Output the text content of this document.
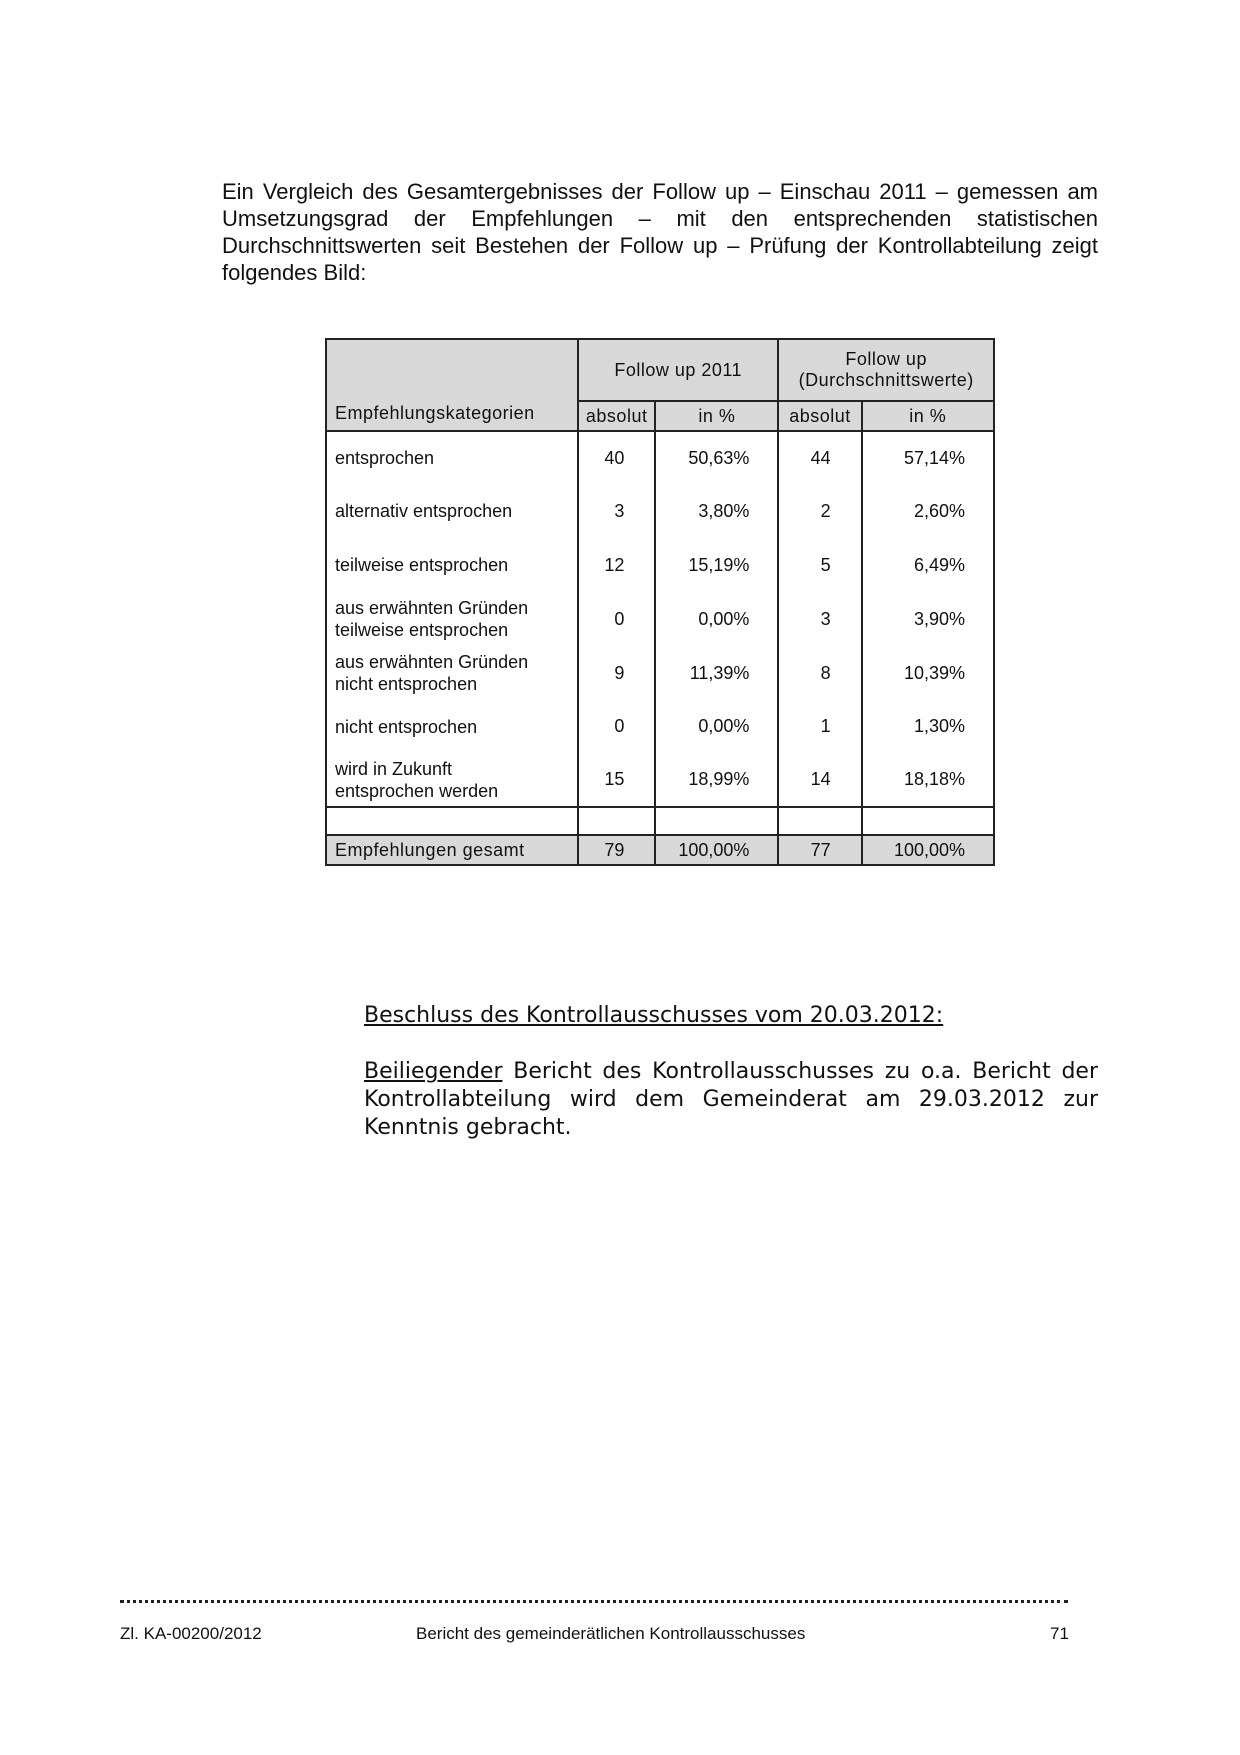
Ein Vergleich des Gesamtergebnisses der Follow up – Einschau 2011 – gemessen am Umsetzungsgrad der Empfehlungen – mit den entsprechenden statistischen Durchschnittswerten seit Bestehen der Follow up – Prüfung der Kontrollabteilung zeigt folgendes Bild:

Empfehlungskategorien	Follow up 2011		Follow up
(Durchschnittswerte)	

	absolut	in %	absolut	in %

entsprochen	40	50,63%	44	57,14%

alternativ entsprochen	3	3,80%	2	2,60%

teilweise entsprochen	12	15,19%	5	6,49%

aus erwähnten Gründen
teilweise entsprochen	0	0,00%	3	3,90%

aus erwähnten Gründen
nicht entsprochen	9	11,39%	8	10,39%

nicht entsprochen	0	0,00%	1	1,30%

wird in Zukunft
entsprochen werden	15	18,99%	14	18,18%

Empfehlungen gesamt	79	100,00%	77	100,00%
Beschluss des Kontrollausschusses vom 20.03.2012:

Beiliegender Bericht des Kontrollausschusses zu o.a. Bericht der Kontrollabteilung wird dem Gemeinderat am 29.03.2012 zur Kenntnis gebracht.

Zl. KA-00200/2012	Bericht des gemeinderätlichen Kontrollausschusses	71
